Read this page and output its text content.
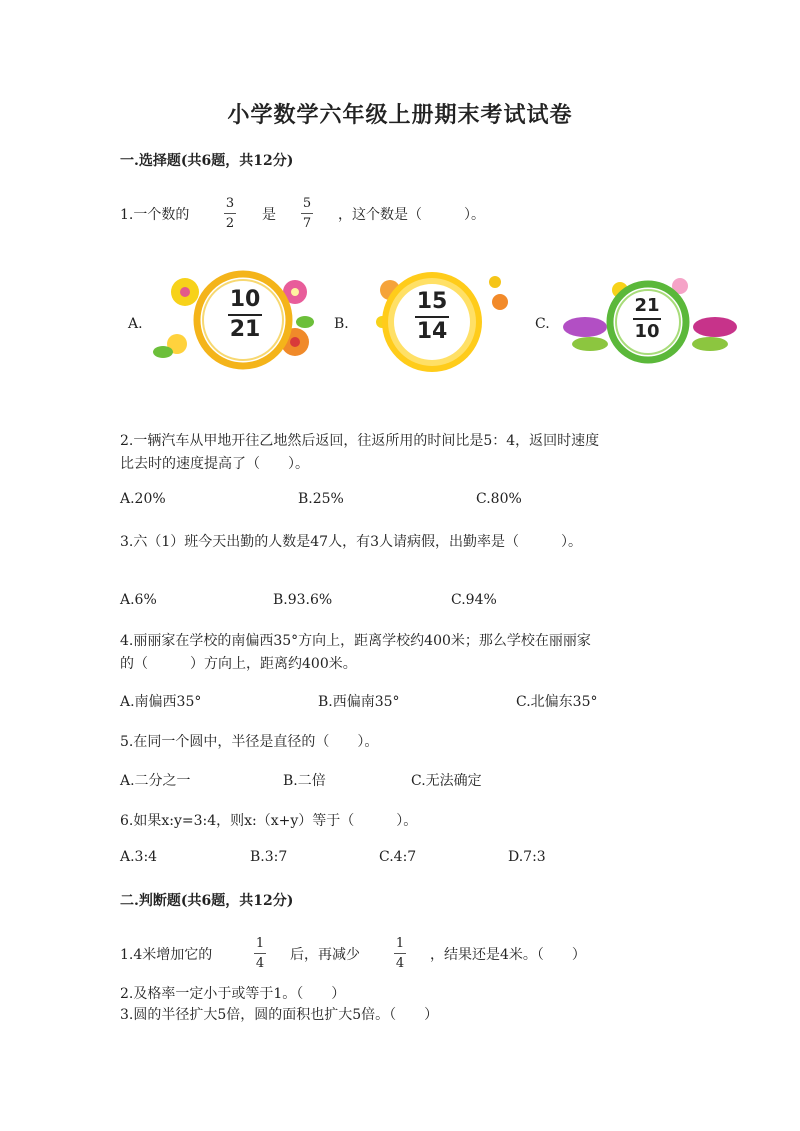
小学数学六年级上册期末考试试卷
一.选择题(共6题，共12分)
1.一个数的
3
2
是
5
7
，这个数是（　　　）。
A.
10
21	B.
15
14	C.
21
10
2.一辆汽车从甲地开往乙地然后返回，往返所用的时间比是5：4，返回时速度
比去时的速度提高了（　　）。
A.20%	B.25%	C.80%
3.六（1）班今天出勤的人数是47人，有3人请病假，出勤率是（　　　）。
A.6%	B.93.6%	C.94%
4.丽丽家在学校的南偏西35°方向上，距离学校约400米；那么学校在丽丽家
的（　　　）方向上，距离约400米。
A.南偏西35°	B.西偏南35°	C.北偏东35°
5.在同一个圆中，半径是直径的（　　）。
A.二分之一	B.二倍	C.无法确定
6.如果x:y=3:4，则x:（x+y）等于（　　　）。
A.3:4	B.3:7	C.4:7	D.7:3
二.判断题(共6题，共12分)
1.4米增加它的
1
4
后，再减少
1
4
，结果还是4米。（　　）
2.及格率一定小于或等于1。（　　）
3.圆的半径扩大5倍，圆的面积也扩大5倍。（　　）
